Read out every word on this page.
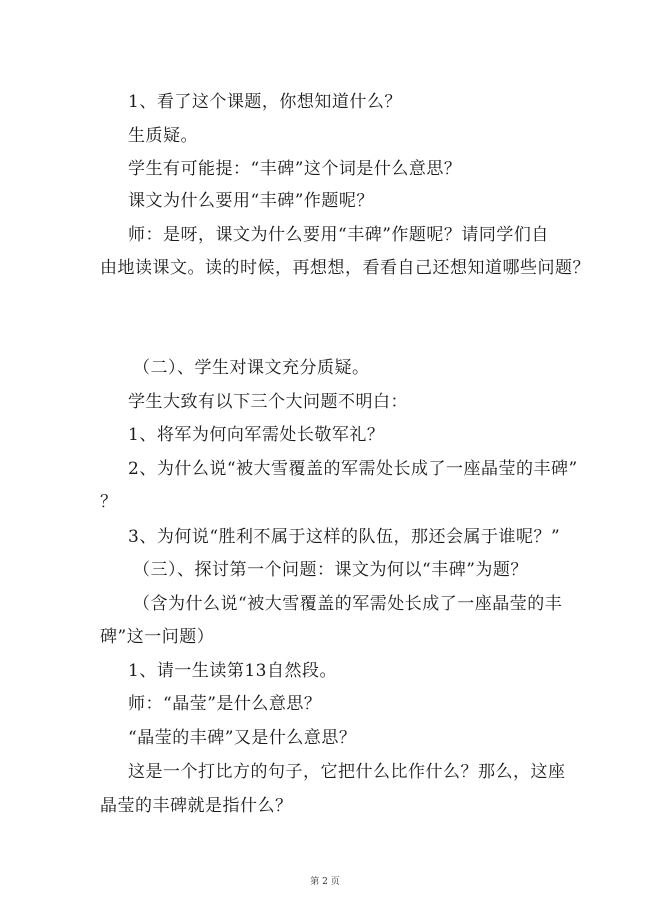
1、看了这个课题，你想知道什么？
生质疑。
学生有可能提：“丰碑”这个词是什么意思？
课文为什么要用“丰碑”作题呢？
师：是呀，课文为什么要用“丰碑”作题呢？请同学们自
由地读课文。读的时候，再想想，看看自己还想知道哪些问题？
（二）、学生对课文充分质疑。
学生大致有以下三个大问题不明白：
1、将军为何向军需处长敬军礼？
2、为什么说“被大雪覆盖的军需处长成了一座晶莹的丰碑”
？
3、为何说“胜利不属于这样的队伍，那还会属于谁呢？”
（三）、探讨第一个问题：课文为何以“丰碑”为题？
（含为什么说“被大雪覆盖的军需处长成了一座晶莹的丰
碑”这一问题）
1、请一生读第13自然段。
师：“晶莹”是什么意思？
“晶莹的丰碑”又是什么意思？
这是一个打比方的句子，它把什么比作什么？那么，这座
晶莹的丰碑就是指什么？
第 2 页
